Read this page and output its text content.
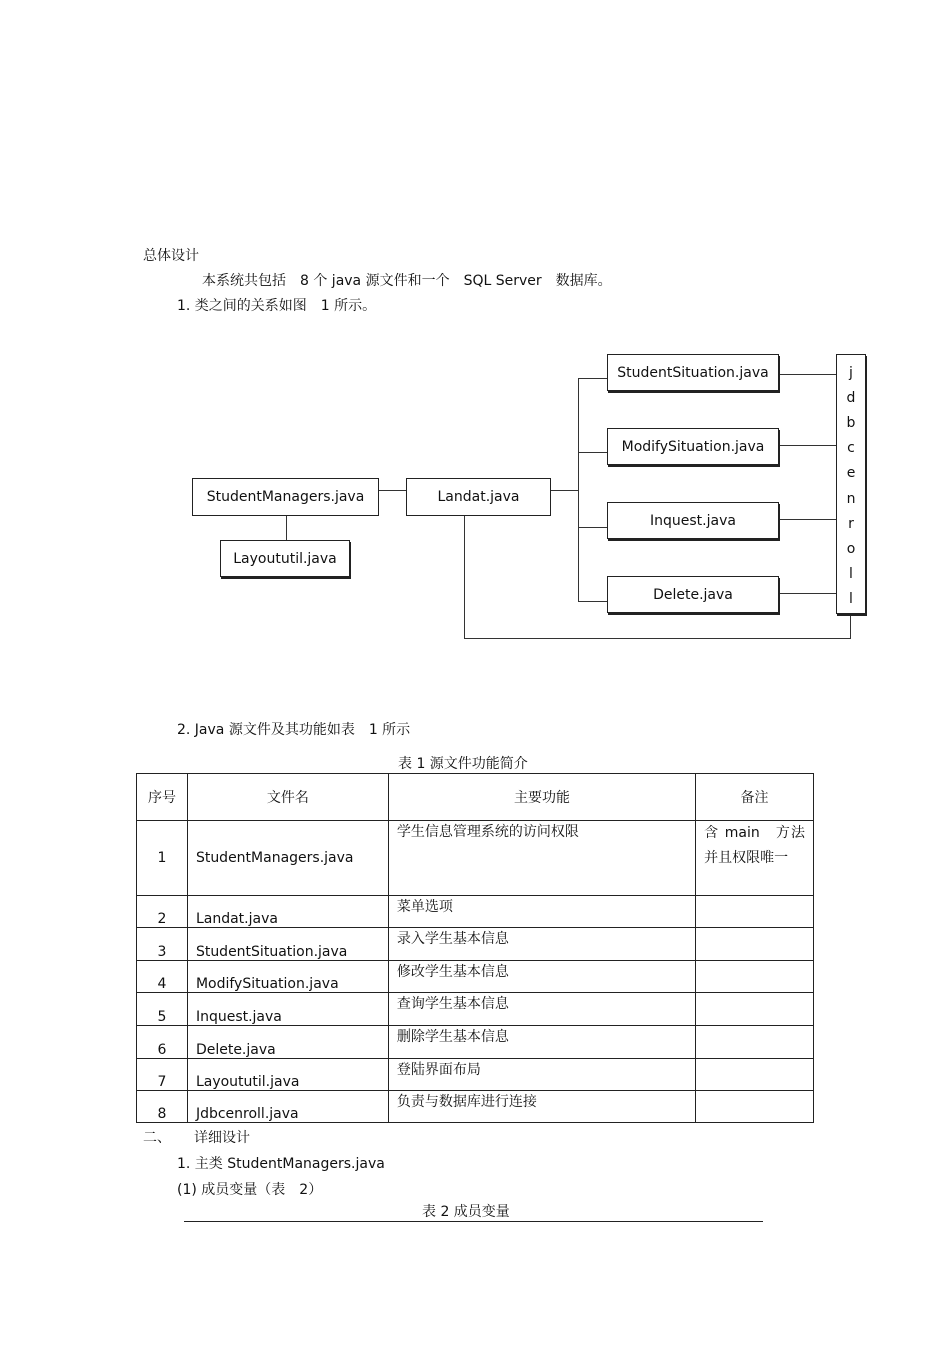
总体设计
本系统共包括　8 个 java 源文件和一个　SQL Server　数据库。
1. 类之间的关系如图　1 所示。
StudentManagers.java
Layoututil.java
Landat.java
StudentSituation.java
ModifySituation.java
Inquest.java
Delete.java
j
d
b
c
e
n
r
o
l
l
2. Java 源文件及其功能如表　1 所示
表 1 源文件功能简介
序号	文件名	主要功能	备注
1	StudentManagers.java	学生信息管理系统的访问权限	含 main　方法并且权限唯一

2	Landat.java	菜单选项	
3	StudentSituation.java	录入学生基本信息	
4	ModifySituation.java	修改学生基本信息	
5	Inquest.java	查询学生基本信息	
6	Delete.java	删除学生基本信息	
7	Layoututil.java	登陆界面布局	
8	Jdbcenroll.java	负责与数据库进行连接	
二、 详细设计
1. 主类 StudentManagers.java
(1) 成员变量（表　2）
表 2 成员变量
